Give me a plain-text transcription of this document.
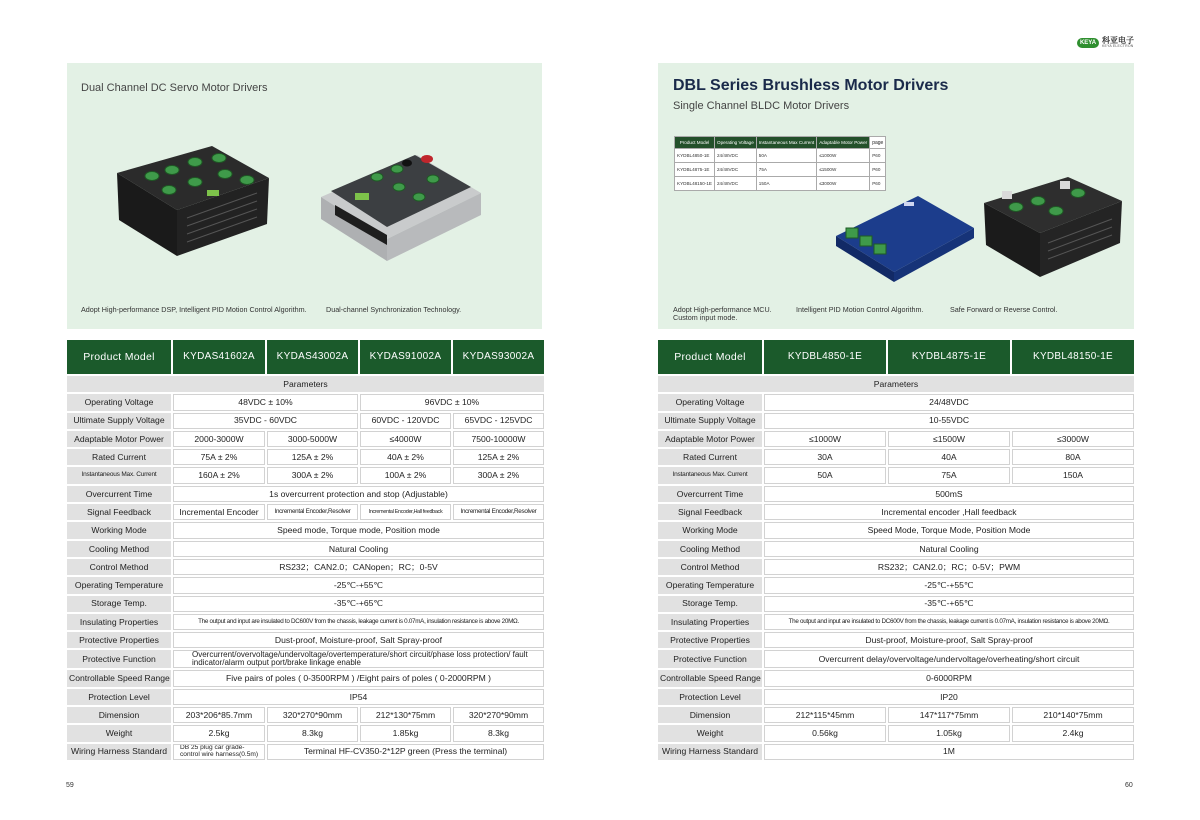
KEYA 科亚电子
KEYA ELECTRON
Dual Channel DC Servo Motor Drivers
Adopt High-performance DSP, Intelligent PID Motion Control Algorithm.	Dual-channel Synchronization Technology.
DBL Series Brushless Motor Drivers
Single Channel BLDC Motor Drivers
Product Model	Operating Voltage	Instantaneous Max Current	Adaptable Motor Power	page
KYDBL4850-1E	24/48VDC	50A	≤1000W	P60
KYDBL4875-1E	24/48VDC	75A	≤1500W	P60
KYDBL48150-1E	24/48VDC	150A	≤3000W	P60
Adopt High-performance MCU. Custom input mode.
Intelligent PID Motion Control Algorithm.	Safe Forward or Reverse Control.
Product Model	KYDAS41602A	KYDAS43002A	KYDAS91002A	KYDAS93002A
Parameters				
Operating Voltage	48VDC ± 10%		96VDC ± 10%	
Ultimate Supply Voltage	35VDC - 60VDC		60VDC - 120VDC	65VDC - 125VDC
Adaptable Motor Power	2000-3000W	3000-5000W	≤4000W	7500-10000W
Rated Current	75A ± 2%	125A ± 2%	40A ± 2%	125A ± 2%
Instantaneous Max. Current	160A ± 2%	300A ± 2%	100A ± 2%	300A ± 2%
Overcurrent Time	1s overcurrent protection and stop (Adjustable)			
Signal Feedback	Incremental Encoder	Incremental Encoder,Resolver	Incremental Encoder,Hall feedback	Incremental Encoder,Resolver
Working Mode	Speed mode, Torque mode, Position mode			
Cooling Method	Natural Cooling			
Control Method	RS232；CAN2.0；CANopen；RC；0-5V			
Operating Temperature	-25℃-+55℃			
Storage Temp.	-35℃-+65℃			
Insulating Properties	The output and input are insulated to DC600V from the chassis, leakage current is 0.07mA, insulation resistance is above 20MΩ.			
Protective Properties	Dust-proof, Moisture-proof, Salt Spray-proof			
Protective Function	Overcurrent/overvoltage/undervoltage/overtemperature/short circuit/phase loss protection/ fault indicator/alarm output port/brake linkage enable			
Controllable Speed Range	Five pairs of poles ( 0-3500RPM ) /Eight pairs of poles ( 0-2000RPM )			
Protection Level	IP54			
Dimension	203*206*85.7mm	320*270*90mm	212*130*75mm	320*270*90mm
Weight	2.5kg	8.3kg	1.85kg	8.3kg
Wiring Harness Standard	DB 25 plug car grade-control wire harness(0.5m)	Terminal HF-CV350-2*12P green (Press the terminal)		
Product Model	KYDBL4850-1E	KYDBL4875-1E	KYDBL48150-1E
Parameters			
Operating Voltage	24/48VDC		
Ultimate Supply Voltage	10-55VDC		
Adaptable Motor Power	≤1000W	≤1500W	≤3000W
Rated Current	30A	40A	80A
Instantaneous Max. Current	50A	75A	150A
Overcurrent Time	500mS		
Signal Feedback	Incremental encoder ,Hall feedback		
Working Mode	Speed Mode, Torque Mode, Position Mode		
Cooling Method	Natural Cooling		
Control Method	RS232；CAN2.0；RC；0-5V；PWM		
Operating Temperature	-25℃-+55℃		
Storage Temp.	-35℃-+65℃		
Insulating Properties	The output and input are insulated to DC600V from the chassis, leakage current is 0.07mA, insulation resistance is above 20MΩ.		
Protective Properties	Dust-proof, Moisture-proof, Salt Spray-proof		
Protective Function	Overcurrent delay/overvoltage/undervoltage/overheating/short circuit		
Controllable Speed Range	0-6000RPM		
Protection Level	IP20		
Dimension	212*115*45mm	147*117*75mm	210*140*75mm
Weight	0.56kg	1.05kg	2.4kg
Wiring Harness Standard	1M		
59	60
